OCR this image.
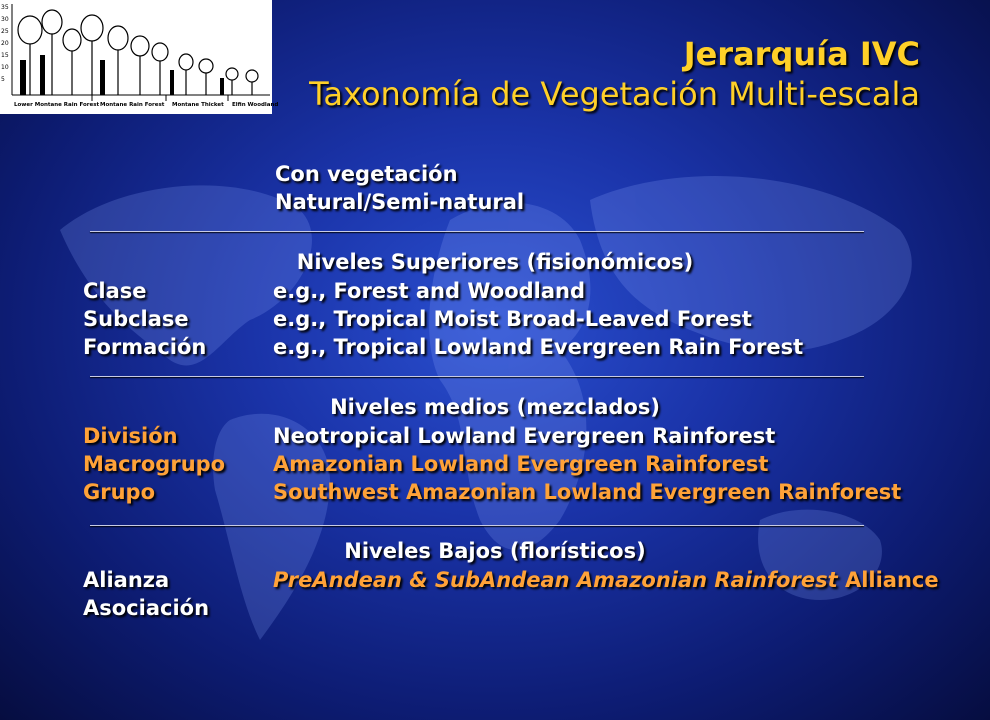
35
30
25
20
15
10
5
Lower Montane Rain Forest Montane Rain Forest Montane Thicket Elfin Woodland
Jerarquía IVC
Taxonomía de Vegetación Multi-escala
Con vegetación
Natural/Semi-natural
Niveles Superiores (fisionómicos)
Clase	e.g., Forest and Woodland
Subclase	e.g., Tropical Moist Broad-Leaved Forest
Formación	e.g., Tropical Lowland Evergreen Rain Forest
Niveles medios (mezclados)
División	Neotropical Lowland Evergreen Rainforest
Macrogrupo Amazonian Lowland Evergreen Rainforest
Grupo	Southwest Amazonian Lowland Evergreen Rainforest
Niveles Bajos (florísticos)
Alianza	PreAndean & SubAndean Amazonian Rainforest Alliance
Asociación
